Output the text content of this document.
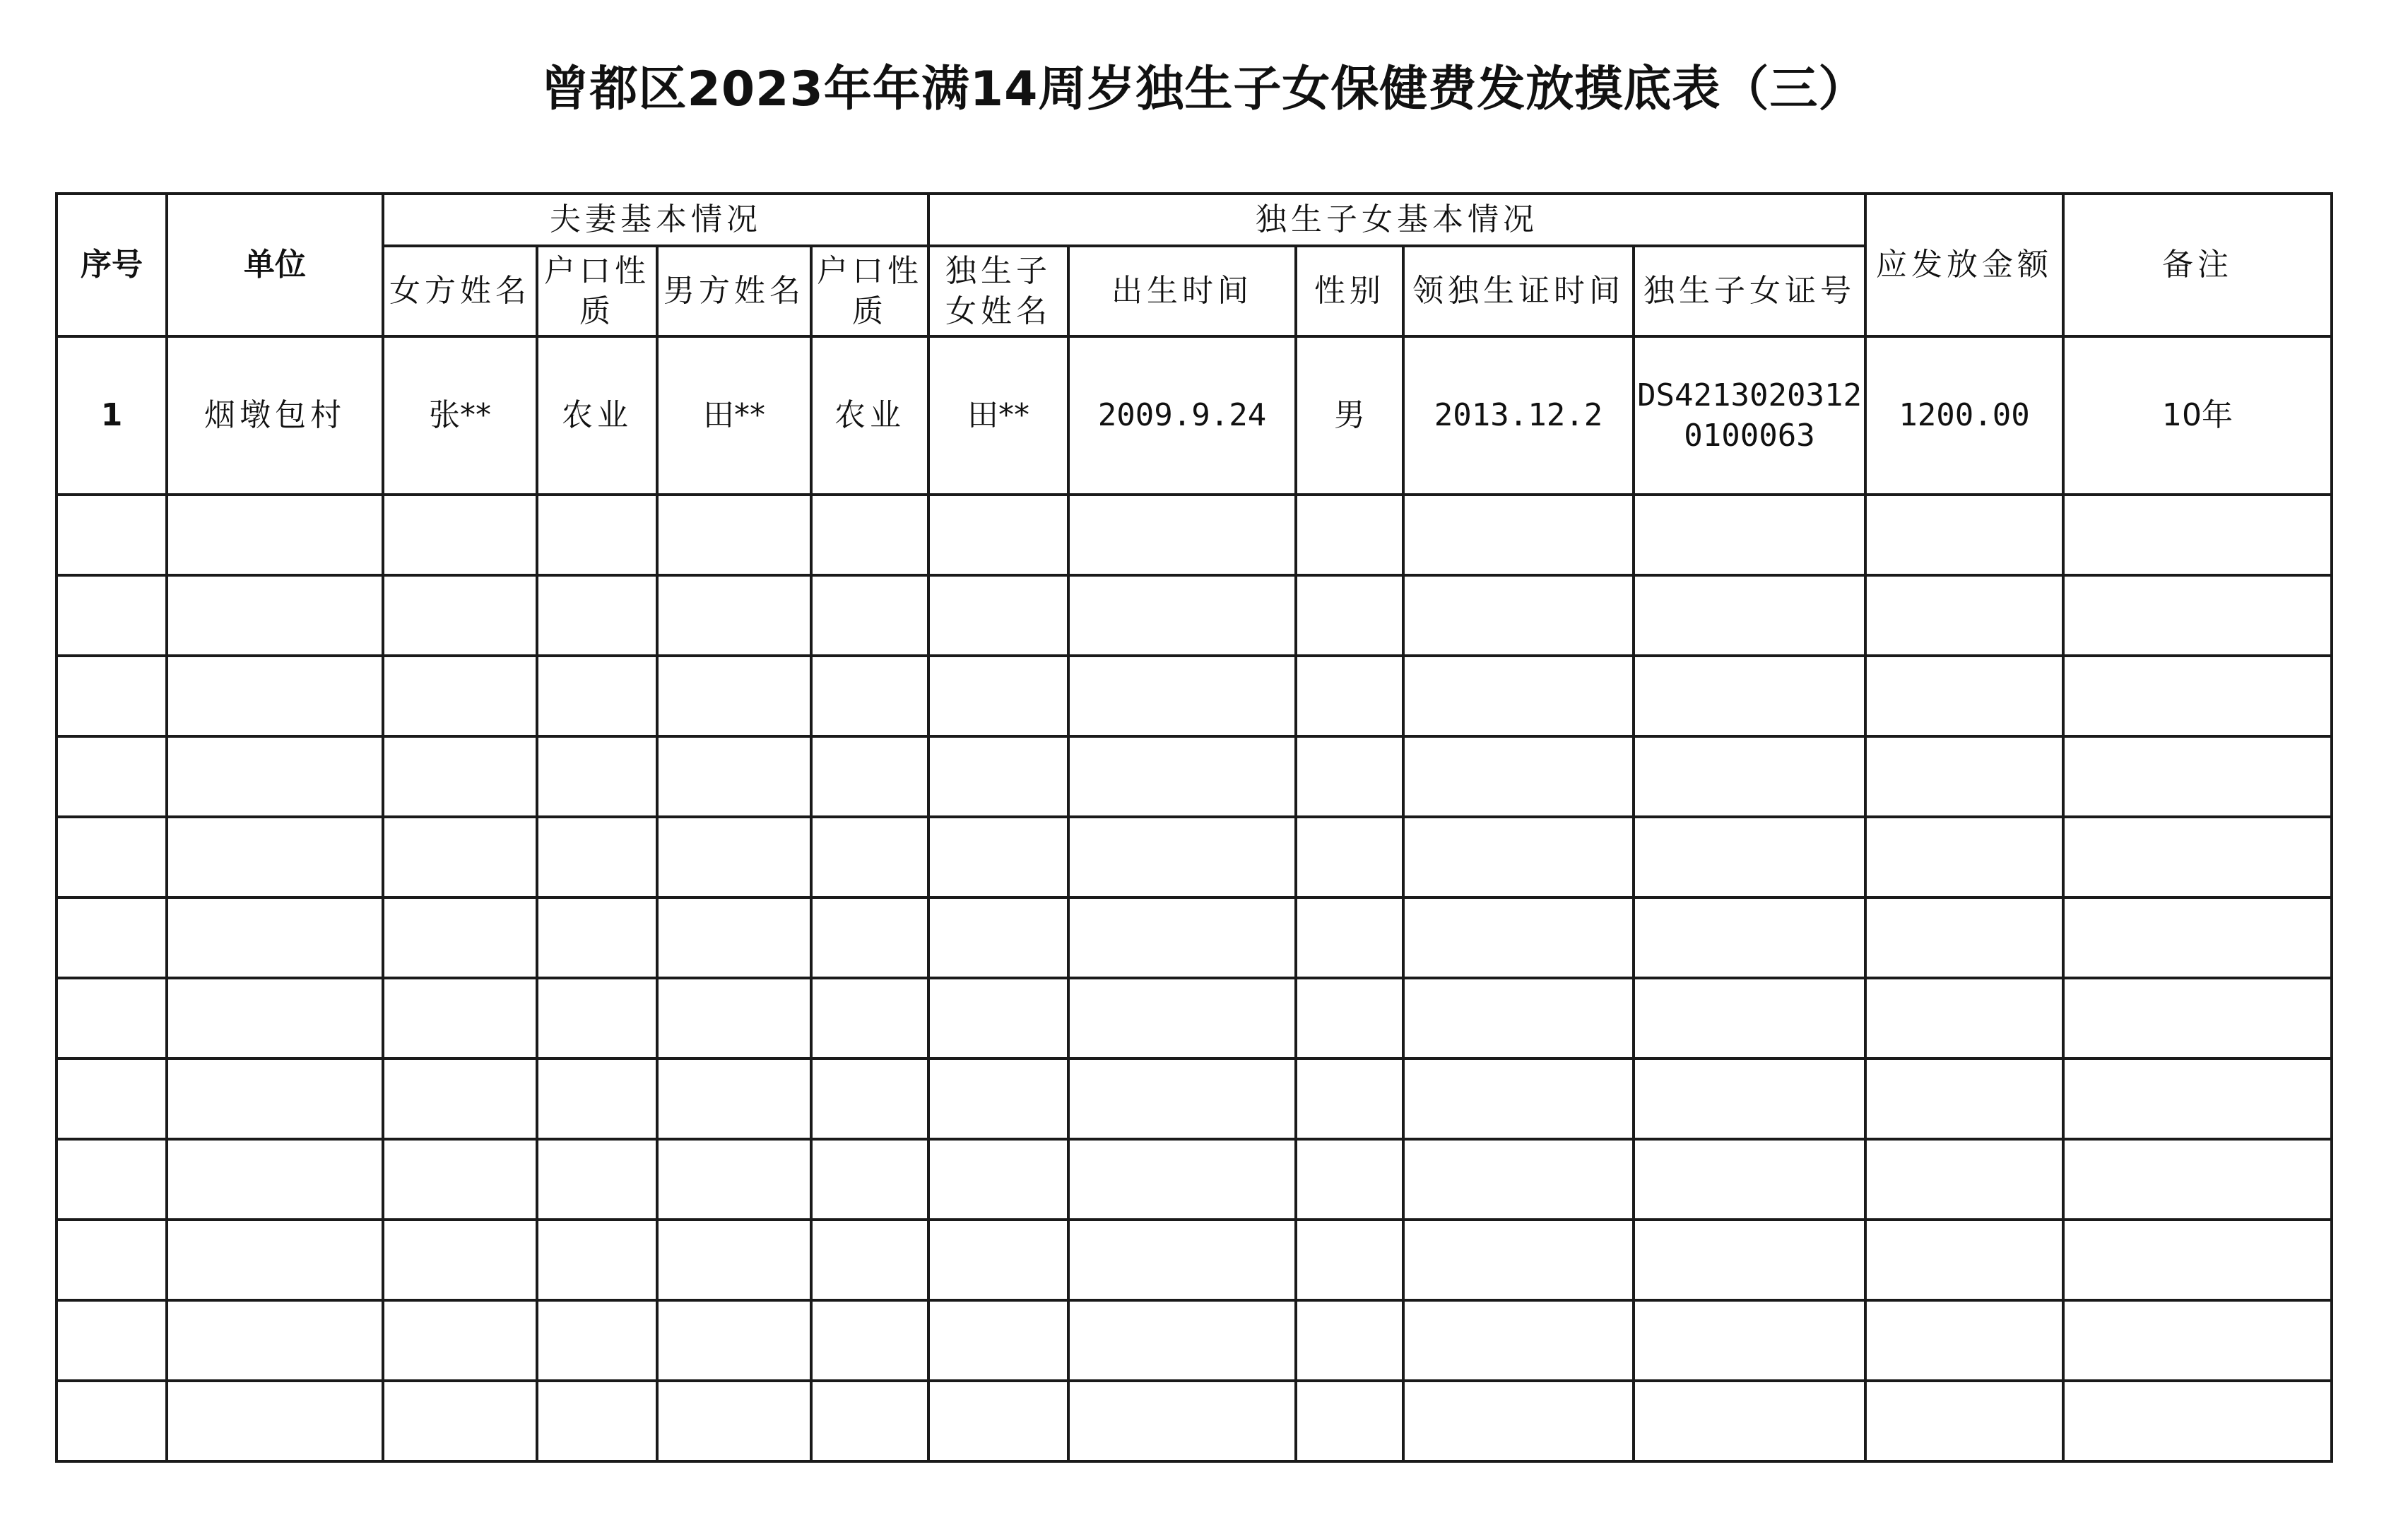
曾都区2023年年满14周岁独生子女保健费发放摸底表（三）
序号	单位	夫妻基本情况				独生子女基本情况					应发放金额	备注
		女方姓名	户口性质	男方姓名	户口性质	独生子女姓名	出生时间	性别	领独生证时间	独生子女证号		
1	烟墩包村	张**	农业	田**	农业	田**	2009.9.24	男	2013.12.2	DS42130203120100063	1200.00	10年
